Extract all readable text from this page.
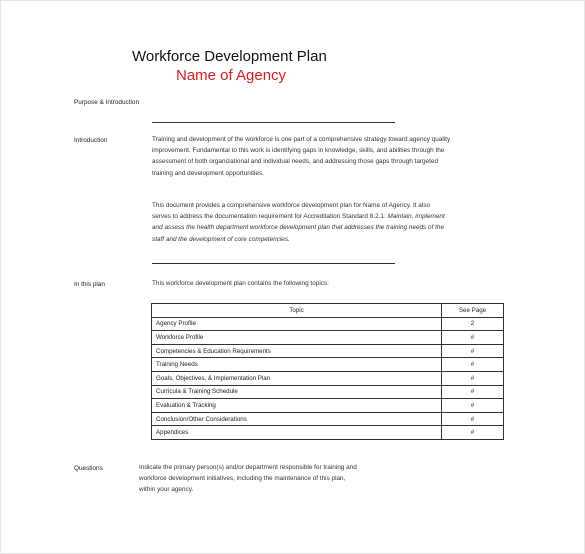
Workforce Development Plan
Name of Agency
Purpose & Introduction
Introduction	Training and development of the workforce is one part of a comprehensive strategy toward agency quality
improvement. Fundamental to this work is identifying gaps in knowledge, skills, and abilities through the
assessment of both organizational and individual needs, and addressing those gaps through targeted
training and development opportunities.
This document provides a comprehensive workforce development plan for Name of Agency. It also
serves to address the documentation requirement for Accreditation Standard 8.2.1: Maintain, implement
and assess the health department workforce development plan that addresses the training needs of the
staff and the development of core competencies.
In this plan	This workforce development plan contains the following topics:
Topic	See Page
Agency Profile	2
Workforce Profile	#
Competencies & Education Requirements	#
Training Needs	#
Goals, Objectives, & Implementation Plan	#
Curricula & Training Schedule	#
Evaluation & Tracking	#
Conclusion/Other Considerations	#
Appendices	#
Questions	Indicate the primary person(s) and/or department responsible for training and
workforce development initiatives, including the maintenance of this plan,
within your agency.
